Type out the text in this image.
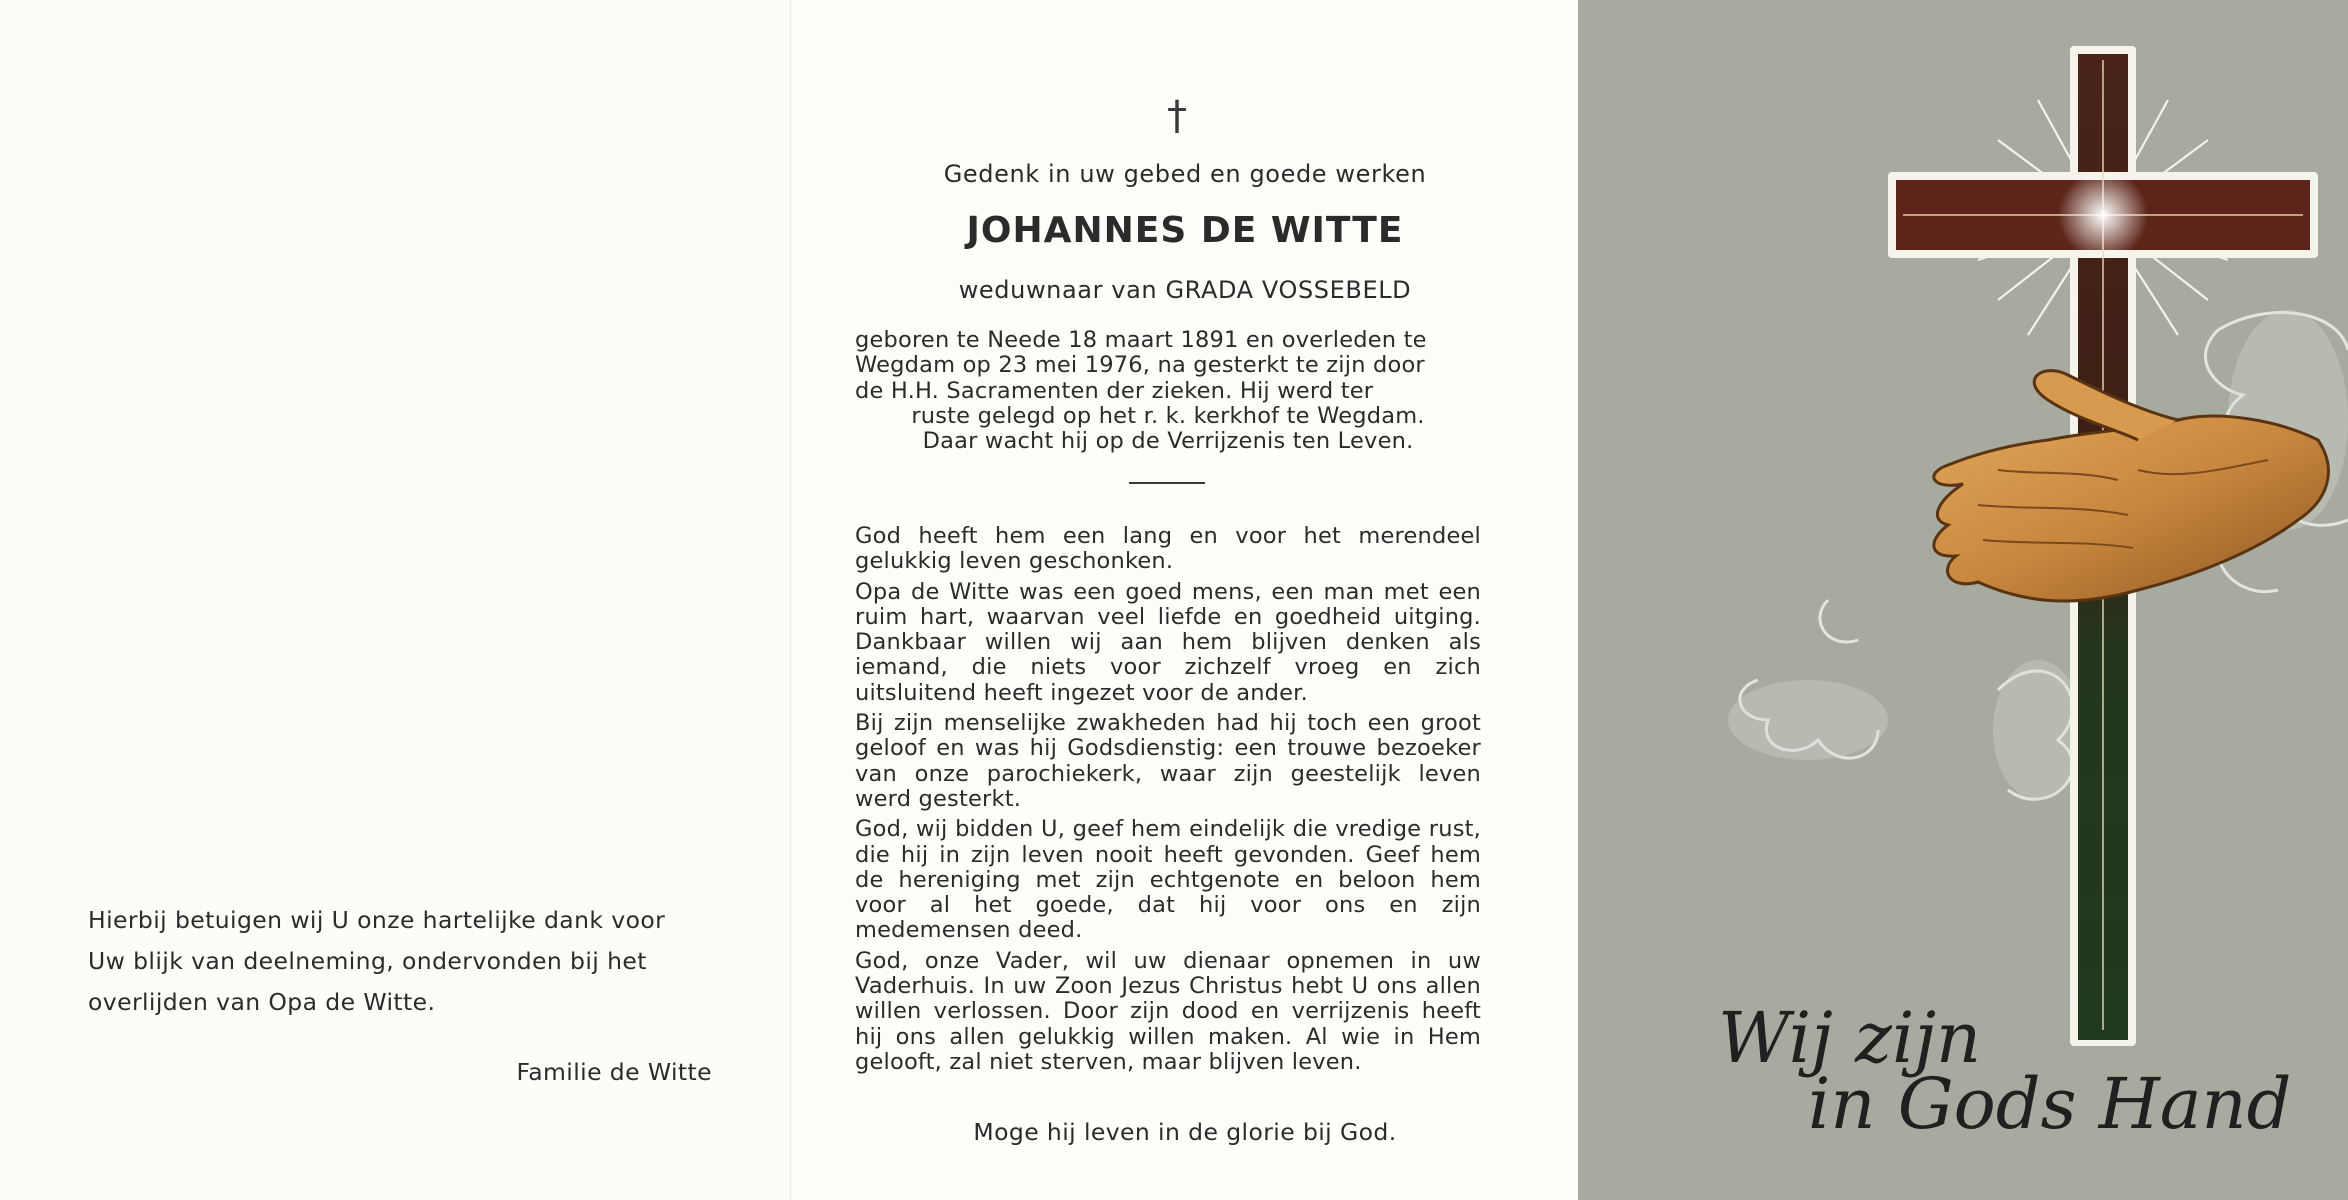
Hierbij betuigen wij U onze hartelijke dank voor
Uw blijk van deelneming, ondervonden bij het
overlijden van Opa de Witte.
Familie de Witte
†
Gedenk in uw gebed en goede werken
JOHANNES DE WITTE
weduwnaar van GRADA VOSSEBELD
geboren te Neede 18 maart 1891 en overleden te
Wegdam op 23 mei 1976, na gesterkt te zijn door
de H.H. Sacramenten der zieken. Hij werd ter
ruste gelegd op het r. k. kerkhof te Wegdam.
Daar wacht hij op de Verrijzenis ten Leven.

God heeft hem een lang en voor het merendeel gelukkig leven geschonken.

Opa de Witte was een goed mens, een man met een ruim hart, waarvan veel liefde en goedheid uitging. Dankbaar willen wij aan hem blijven denken als iemand, die niets voor zichzelf vroeg en zich uitsluitend heeft ingezet voor de ander.

Bij zijn menselijke zwakheden had hij toch een groot geloof en was hij Godsdienstig: een trouwe bezoeker van onze parochiekerk, waar zijn geestelijk leven werd gesterkt.

God, wij bidden U, geef hem eindelijk die vredige rust, die hij in zijn leven nooit heeft gevonden. Geef hem de hereniging met zijn echtgenote en beloon hem voor al het goede, dat hij voor ons en zijn medemensen deed.

God, onze Vader, wil uw dienaar opnemen in uw Vaderhuis. In uw Zoon Jezus Christus hebt U ons allen willen verlossen. Door zijn dood en verrijzenis heeft hij ons allen gelukkig willen maken. Al wie in Hem gelooft, zal niet sterven, maar blijven leven.

Moge hij leven in de glorie bij God.
Wij zijn
in Gods Hand
